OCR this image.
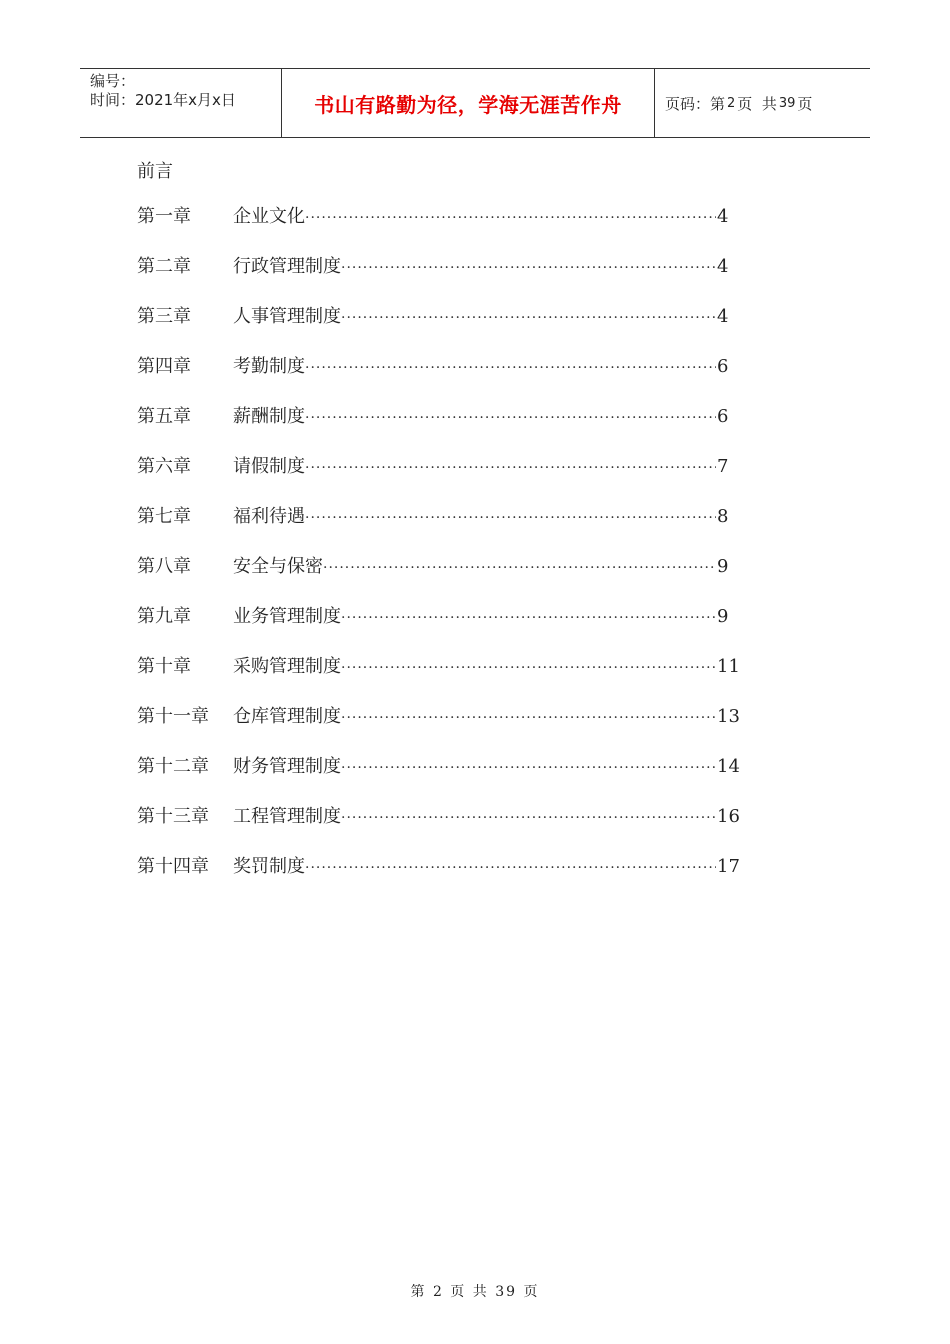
编号：
时间：2021年x月x日	书山有路勤为径，学海无涯苦作舟	页码：第 2 页  共 39 页
前言
第一章	企业文化 ·····	4
第二章	行政管理制度 ·····	4
第三章	人事管理制度 ·····	4
第四章	考勤制度 ·····	6
第五章	薪酬制度 ·····	6
第六章	请假制度 ·····	7
第七章	福利待遇 ·····	8
第八章	安全与保密 ·····	9
第九章	业务管理制度 ·····	9
第十章	采购管理制度 ·····	11
第十一章	仓库管理制度 ·····	13
第十二章	财务管理制度 ·····	14
第十三章	工程管理制度 ·····	16
第十四章	奖罚制度 ·····	17
第 2 页 共 39 页
